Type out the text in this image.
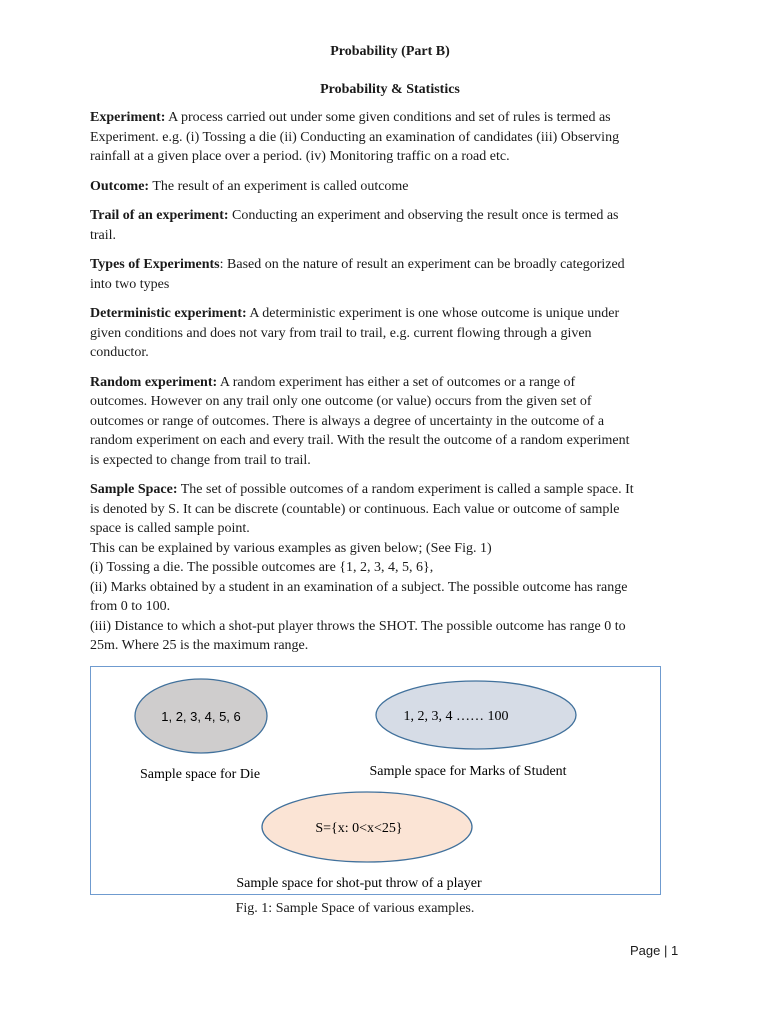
Probability (Part B)

Probability & Statistics

Experiment: A process carried out under some given conditions and set of rules is termed as
Experiment. e.g. (i) Tossing a die (ii) Conducting an examination of candidates (iii) Observing
rainfall at a given place over a period. (iv) Monitoring traffic on a road etc.

Outcome: The result of an experiment is called outcome

Trail of an experiment: Conducting an experiment and observing the result once is termed as
trail.

Types of Experiments: Based on the nature of result an experiment can be broadly categorized
into two types

Deterministic experiment: A deterministic experiment is one whose outcome is unique under
given conditions and does not vary from trail to trail, e.g. current flowing through a given
conductor.

Random experiment: A random experiment has either a set of outcomes or a range of
outcomes. However on any trail only one outcome (or value) occurs from the given set of
outcomes or range of outcomes. There is always a degree of uncertainty in the outcome of a
random experiment on each and every trail. With the result the outcome of a random experiment
is expected to change from trail to trail.

Sample Space: The set of possible outcomes of a random experiment is called a sample space. It
is denoted by S. It can be discrete (countable) or continuous. Each value or outcome of sample
space is called sample point.
This can be explained by various examples as given below; (See Fig. 1)
(i) Tossing a die. The possible outcomes are {1, 2, 3, 4, 5, 6},
(ii) Marks obtained by a student in an examination of a subject. The possible outcome has range
from 0 to 100.
(iii) Distance to which a shot-put player throws the SHOT. The possible outcome has range 0 to
25m. Where 25 is the maximum range.

1, 2, 3, 4, 5, 6
Sample space for Die
1, 2, 3, 4 …… 100
Sample space for Marks of Student
S={x: 0<x<25}
Sample space for shot-put throw of a player
Fig. 1: Sample Space of various examples.
Page | 1
